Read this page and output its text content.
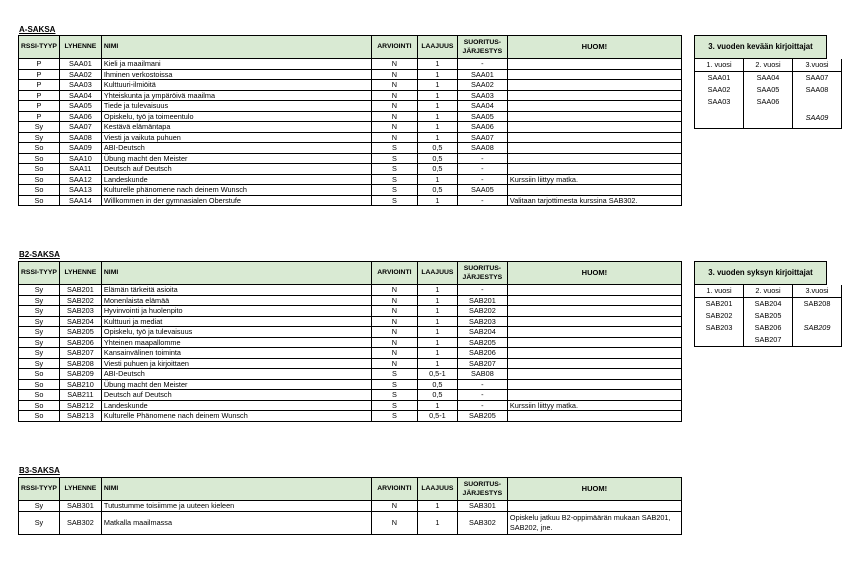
A-SAKSA
B2-SAKSA
B3-SAKSA
RSSI-TYYP	LYHENNE	NIMI	ARVIOINTI	LAAJUUS	SUORITUS-
JÄRJESTYS	HUOM!
P	SAA01	Kieli ja maailmani	N	1	-	
P	SAA02	Ihminen verkostoissa	N	1	SAA01	
P	SAA03	Kulttuuri-ilmiöitä	N	1	SAA02	
P	SAA04	Yhteiskunta ja ympäröivä maailma	N	1	SAA03	
P	SAA05	Tiede ja tulevaisuus	N	1	SAA04	
P	SAA06	Opiskelu, työ ja toimeentulo	N	1	SAA05	
Sy	SAA07	Kestävä elämäntapa	N	1	SAA06	
Sy	SAA08	Viesti ja vaikuta puhuen	N	1	SAA07	
So	SAA09	ABI-Deutsch	S	0,5	SAA08	
So	SAA10	Übung macht den Meister	S	0,5	-	
So	SAA11	Deutsch auf Deutsch	S	0,5	-	
So	SAA12	Landeskunde	S	1	-	Kurssiin liittyy matka.
So	SAA13	Kulturelle phänomene nach deinem Wunsch	S	0,5	SAA05	
So	SAA14	Willkommen in der gymnasialen Oberstufe	S	1	-	Valitaan tarjottimesta kurssina SAB302.
RSSI-TYYP	LYHENNE	NIMI	ARVIOINTI	LAAJUUS	SUORITUS-
JÄRJESTYS	HUOM!
Sy	SAB201	Elämän tärkeitä asioita	N	1	-	
Sy	SAB202	Monenlaista elämää	N	1	SAB201	
Sy	SAB203	Hyvinvointi ja huolenpito	N	1	SAB202	
Sy	SAB204	Kulttuuri ja mediat	N	1	SAB203	
Sy	SAB205	Opiskelu, työ ja tulevaisuus	N	1	SAB204	
Sy	SAB206	Yhteinen maapallomme	N	1	SAB205	
Sy	SAB207	Kansainvälinen toiminta	N	1	SAB206	
Sy	SAB208	Viesti puhuen ja kirjoittaen	N	1	SAB207	
So	SAB209	ABI-Deutsch	S	0,5-1	SAB08	
So	SAB210	Übung macht den Meister	S	0,5	-	
So	SAB211	Deutsch auf Deutsch	S	0,5	-	
So	SAB212	Landeskunde	S	1	-	Kurssiin liittyy matka.
So	SAB213	Kulturelle Phänomene nach deinem Wunsch	S	0,5-1	SAB205	
RSSI-TYYP	LYHENNE	NIMI	ARVIOINTI	LAAJUUS	SUORITUS-
JÄRJESTYS	HUOM!
Sy	SAB301	Tutustumme toisiimme ja uuteen kieleen	N	1	SAB301	
Sy	SAB302	Matkalla maailmassa	N	1	SAB302	Opiskelu jatkuu B2-oppimäärän mukaan SAB201, SAB202, jne.
3. vuoden kevään kirjoittajat
1. vuosi	2. vuosi	3.vuosi
SAA01	SAA04	SAA07
SAA02	SAA05	SAA08
SAA03	SAA06	
		SAA09
3. vuoden syksyn kirjoittajat
1. vuosi	2. vuosi	3.vuosi
SAB201	SAB204	SAB208
SAB202	SAB205	
SAB203	SAB206	SAB209
	SAB207	
